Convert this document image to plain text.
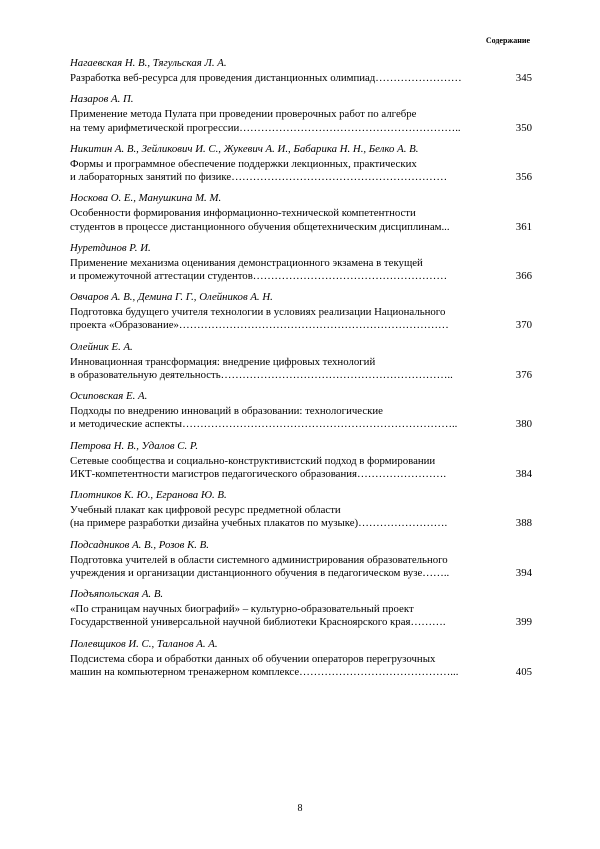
Содержание
Нагаевская Н. В., Тягульская Л. А.
Разработка веб-ресурса для проведения дистанционных олимпиад……………………	345
Назаров А. П.
Применение метода Пулата при проведении проверочных работ по алгебре
на тему арифметической прогрессии……………………………………………………..	350
Никитин А. В., Зейликович И. С., Жукевич А. И., Бабарика Н. Н., Белко А. В.
Формы и программное обеспечение поддержки лекционных, практических
и лабораторных занятий по физике……………………………………………………	356
Носкова О. Е., Манушкина М. М.
Особенности формирования информационно-технической компетентности
студентов в процессе дистанционного обучения общетехническим дисциплинам...	361
Нуретдинов Р. И.
Применение механизма оценивания демонстрационного экзамена в текущей
и промежуточной аттестации студентов………………………………………………	366
Овчаров А. В., Демина Г. Г., Олейников А. Н.
Подготовка будущего учителя технологии в условиях реализации Национального
проекта «Образование»…………………………………………………………………	370
Олейник Е. А.
Инновационная трансформация: внедрение цифровых технологий
в образовательную деятельность………………………………………………………..	376
Осиповская Е. А.
Подходы по внедрению инноваций в образовании: технологические
и методические аспекты…………………………………………………………………..	380
Петрова Н. В., Удалов С. Р.
Сетевые сообщества и социально-конструктивистский подход в формировании
ИКТ-компетентности магистров педагогического образования…………………….	384
Плотников К. Ю., Егранова Ю. В.
Учебный плакат как цифровой ресурс предметной области
(на примере разработки дизайна учебных плакатов по музыке)…………………….	388
Подсадников А. В., Розов К. В.
Подготовка учителей в области системного администрирования образовательного
учреждения и организации дистанционного обучения в педагогическом вузе……..	394
Подъяпольская А. В.
«По страницам научных биографий» – культурно-образовательный проект
Государственной универсальной научной библиотеки Красноярского края……….	399
Полевщиков И. С., Таланов А. А.
Подсистема сбора и обработки данных об обучении операторов перегрузочных
машин на компьютерном тренажерном комплексе……………………………………...	405
8
